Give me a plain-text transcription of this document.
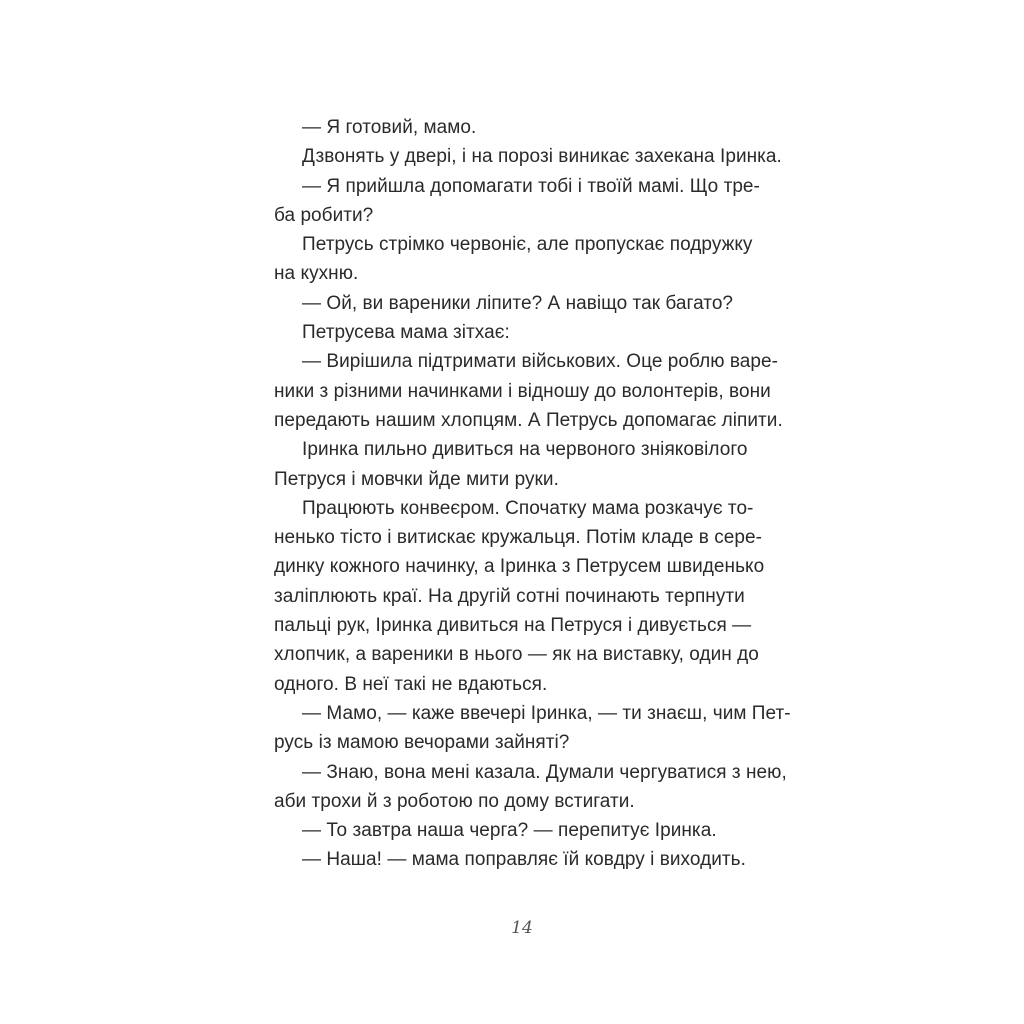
— Я готовий, мамо.
Дзвонять у двері, і на порозі виникає захекана Іринка.
— Я прийшла допомагати тобі і твоїй мамі. Що тре-
ба робити?
Петрусь стрімко червоніє, але пропускає подружку
на кухню.
— Ой, ви вареники ліпите? А навіщо так багато?
Петрусева мама зітхає:
— Вирішила підтримати військових. Оце роблю варе-
ники з різними начинками і відношу до волонтерів, вони
передають нашим хлопцям. А Петрусь допомагає ліпити.
Іринка пильно дивиться на червоного зніяковілого
Петруся і мовчки йде мити руки.
Працюють конвеєром. Спочатку мама розкачує то-
ненько тісто і витискає кружальця. Потім кладе в сере-
динку кожного начинку, а Іринка з Петрусем швиденько
заліплюють краї. На другій сотні починають терпнути
пальці рук, Іринка дивиться на Петруся і дивується —
хлопчик, а вареники в нього — як на виставку, один до
одного. В неї такі не вдаються.
— Мамо, — каже ввечері Іринка, — ти знаєш, чим Пет-
русь із мамою вечорами зайняті?
— Знаю, вона мені казала. Думали чергуватися з нею,
аби трохи й з роботою по дому встигати.
— То завтра наша черга? — перепитує Іринка.
— Наша! — мама поправляє їй ковдру і виходить.
14
